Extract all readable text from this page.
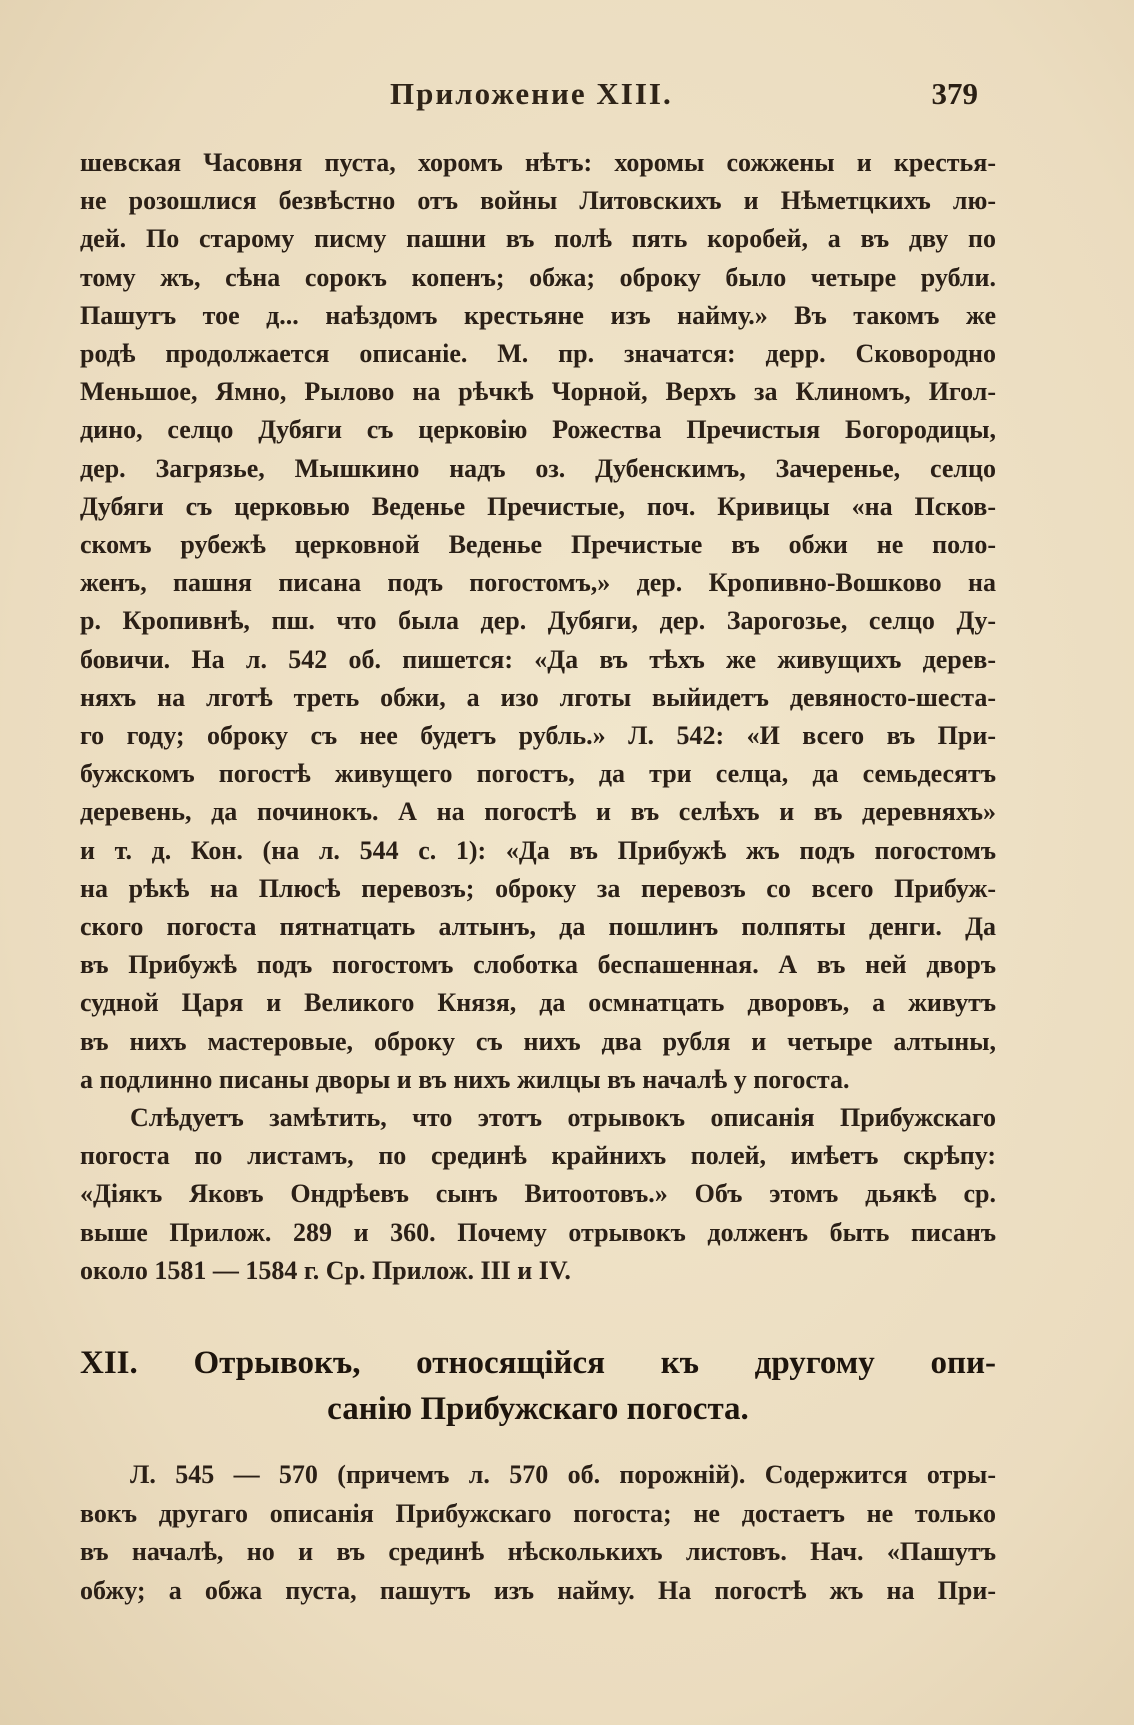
Приложение XIII.	379
шевская Часовня пуста, хоромъ нѣтъ: хоромы сожжены и крестья-
не розошлися безвѣстно отъ войны Литовскихъ и Нѣметцкихъ лю-
дей. По старому писму пашни въ полѣ пять коробей, а въ дву по
тому жъ, сѣна сорокъ копенъ; обжа; оброку было четыре рубли.
Пашутъ тое д... наѣздомъ крестьяне изъ найму.» Въ такомъ же
родѣ продолжается описаніе. М. пр. значатся: дерр. Сковородно
Меньшое, Ямно, Рылово на рѣчкѣ Чорной, Верхъ за Клиномъ, Игол-
дино, селцо Дубяги съ церковію Рожества Пречистыя Богородицы,
дер. Загрязье, Мышкино надъ оз. Дубенскимъ, Зачеренье, селцо
Дубяги съ церковью Веденье Пречистые, поч. Кривицы «на Псков-
скомъ рубежѣ церковной Веденье Пречистые въ обжи не поло-
женъ, пашня писана подъ погостомъ,» дер. Кропивно-Вошково на
р. Кропивнѣ, пш. что была дер. Дубяги, дер. Зарогозье, селцо Ду-
бовичи. На л. 542 об. пишется: «Да въ тѣхъ же живущихъ дерев-
няхъ на лготѣ треть обжи, а изо лготы выйидетъ девяносто-шеста-
го году; оброку съ нее будетъ рубль.» Л. 542: «И всего въ При-
бужскомъ погостѣ живущего погостъ, да три селца, да семьдесятъ
деревень, да починокъ. А на погостѣ и въ селѣхъ и въ деревняхъ»
и т. д. Кон. (на л. 544 с. 1): «Да въ Прибужѣ жъ подъ погостомъ
на рѣкѣ на Плюсѣ перевозъ; оброку за перевозъ со всего Прибуж-
ского погоста пятнатцать алтынъ, да пошлинъ полпяты денги. Да
въ Прибужѣ подъ погостомъ слоботка беспашенная. А въ ней дворъ
судной Царя и Великого Князя, да осмнатцать дворовъ, а живутъ
въ нихъ мастеровые, оброку съ нихъ два рубля и четыре алтыны,
а подлинно писаны дворы и въ нихъ жилцы въ началѣ у погоста.
Слѣдуетъ замѣтить, что этотъ отрывокъ описанія Прибужскаго
погоста по листамъ, по срединѣ крайнихъ полей, имѣетъ скрѣпу:
«Діякъ Яковъ Ондрѣевъ сынъ Витоотовъ.» Объ этомъ дьякѣ ср.
выше Прилож. 289 и 360. Почему отрывокъ долженъ быть писанъ
около 1581 — 1584 г. Ср. Прилож. III и IV.
XII. Отрывокъ, относящійся къ другому опи-
санію Прибужскаго погоста.
Л. 545 — 570 (причемъ л. 570 об. порожній). Содержится отры-
вокъ другаго описанія Прибужскаго погоста; не достаетъ не только
въ началѣ, но и въ срединѣ нѣсколькихъ листовъ. Нач. «Пашутъ
обжу; а обжа пуста, пашутъ изъ найму. На погостѣ жъ на При-
